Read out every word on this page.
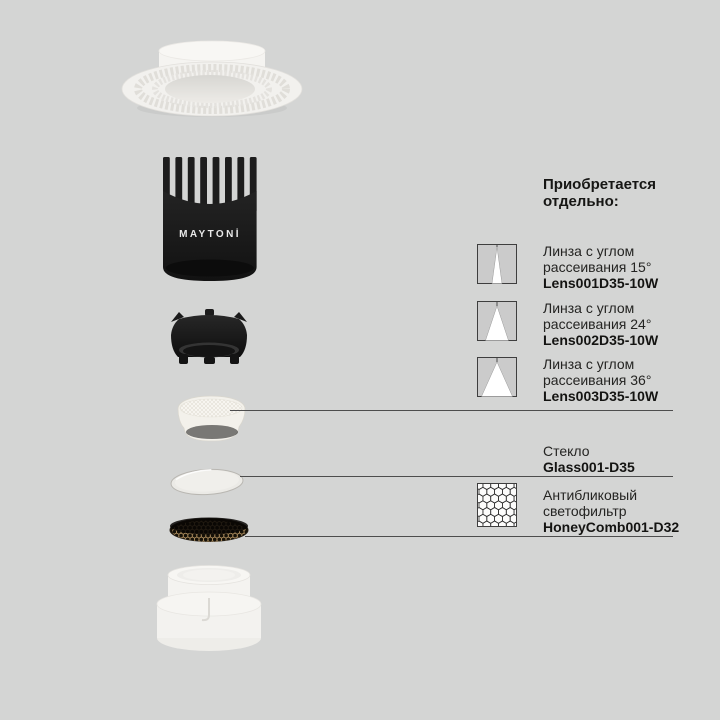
MAYTONİ
Приобретается
отдельно:
Линза с углом
рассеивания 15°
Lens001D35-10W
Линза с углом
рассеивания 24°
Lens002D35-10W
Линза с углом
рассеивания 36°
Lens003D35-10W
Стекло
Glass001-D35
Антибликовый
светофильтр
HoneyComb001-D32
